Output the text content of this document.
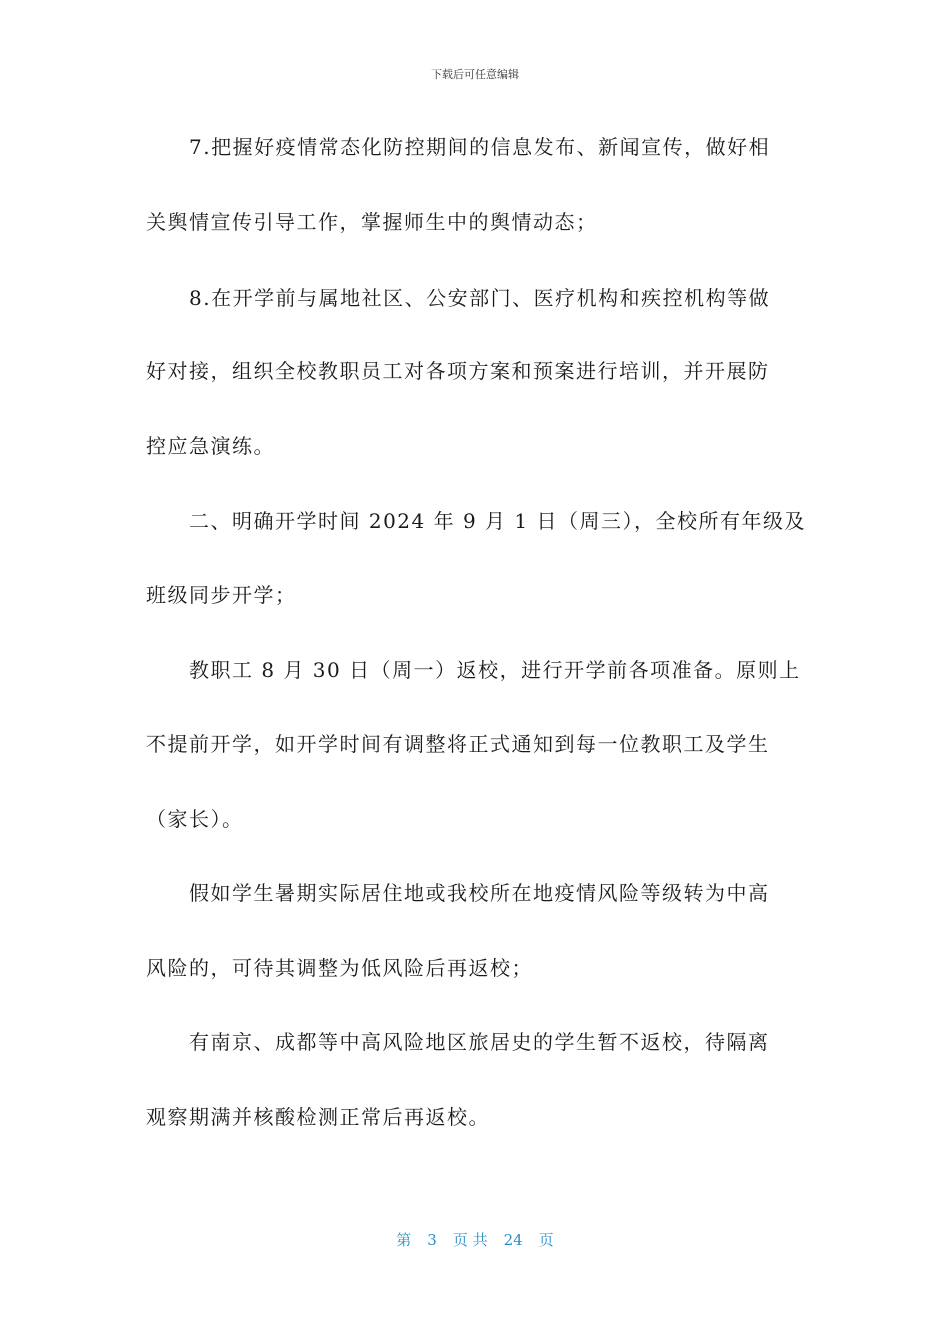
下载后可任意编辑
　　7.把握好疫情常态化防控期间的信息发布、新闻宣传，做好相
关舆情宣传引导工作，掌握师生中的舆情动态；
　　8.在开学前与属地社区、公安部门、医疗机构和疾控机构等做
好对接，组织全校教职员工对各项方案和预案进行培训，并开展防
控应急演练。
　　二、明确开学时间 2024 年 9 月 1 日（周三），全校所有年级及
班级同步开学；
　　教职工 8 月 30 日（周一）返校，进行开学前各项准备。原则上
不提前开学，如开学时间有调整将正式通知到每一位教职工及学生
（家长）。
　　假如学生暑期实际居住地或我校所在地疫情风险等级转为中高
风险的，可待其调整为低风险后再返校；
　　有南京、成都等中高风险地区旅居史的学生暂不返校，待隔离
观察期满并核酸检测正常后再返校。
第 3 页 共 24 页
